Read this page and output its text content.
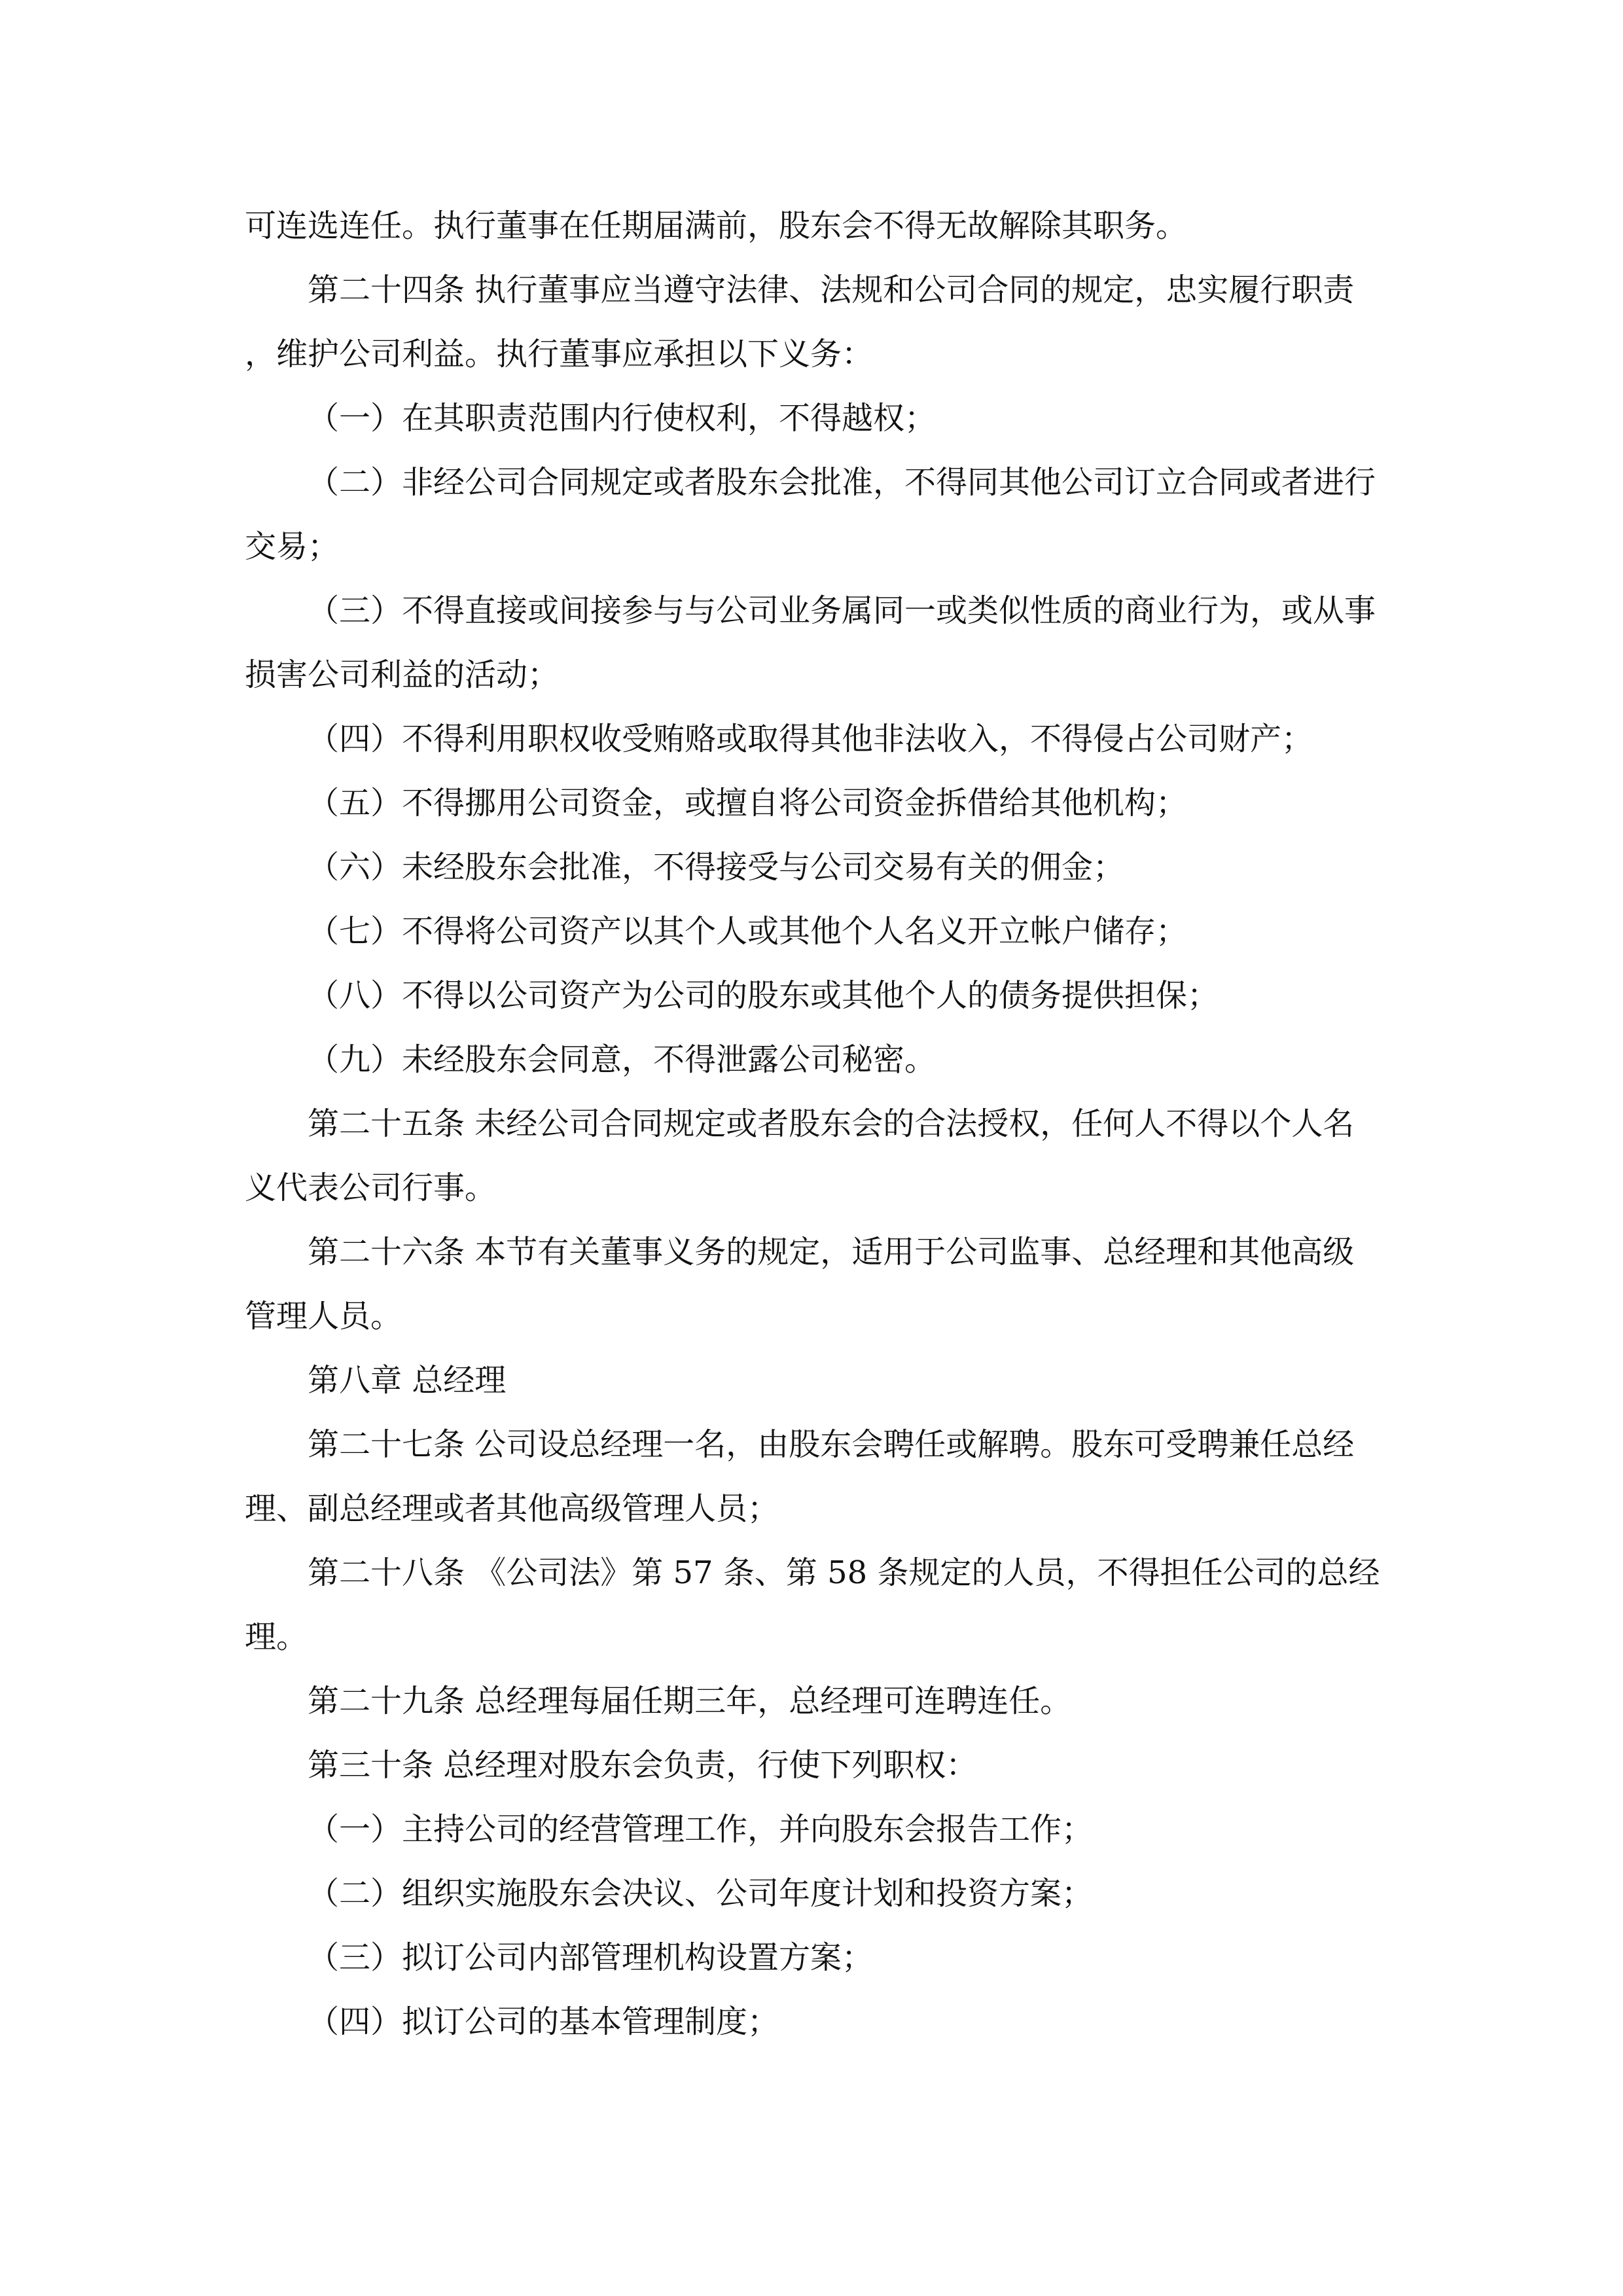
可连选连任。执行董事在任期届满前，股东会不得无故解除其职务。

第二十四条 执行董事应当遵守法律、法规和公司合同的规定，忠实履行职责，维护公司利益。执行董事应承担以下义务：

（一）在其职责范围内行使权利，不得越权；

（二）非经公司合同规定或者股东会批准，不得同其他公司订立合同或者进行交易；

（三）不得直接或间接参与与公司业务属同一或类似性质的商业行为，或从事损害公司利益的活动；

（四）不得利用职权收受贿赂或取得其他非法收入，不得侵占公司财产；

（五）不得挪用公司资金，或擅自将公司资金拆借给其他机构；

（六）未经股东会批准，不得接受与公司交易有关的佣金；

（七）不得将公司资产以其个人或其他个人名义开立帐户储存；

（八）不得以公司资产为公司的股东或其他个人的债务提供担保；

（九）未经股东会同意，不得泄露公司秘密。

第二十五条 未经公司合同规定或者股东会的合法授权，任何人不得以个人名义代表公司行事。

第二十六条 本节有关董事义务的规定，适用于公司监事、总经理和其他高级管理人员。

第八章 总经理

第二十七条 公司设总经理一名，由股东会聘任或解聘。股东可受聘兼任总经理、副总经理或者其他高级管理人员；

第二十八条 《公司法》第 57 条、第 58 条规定的人员，不得担任公司的总经理。

第二十九条 总经理每届任期三年，总经理可连聘连任。

第三十条 总经理对股东会负责，行使下列职权：

（一）主持公司的经营管理工作，并向股东会报告工作；

（二）组织实施股东会决议、公司年度计划和投资方案；

（三）拟订公司内部管理机构设置方案；

（四）拟订公司的基本管理制度；
